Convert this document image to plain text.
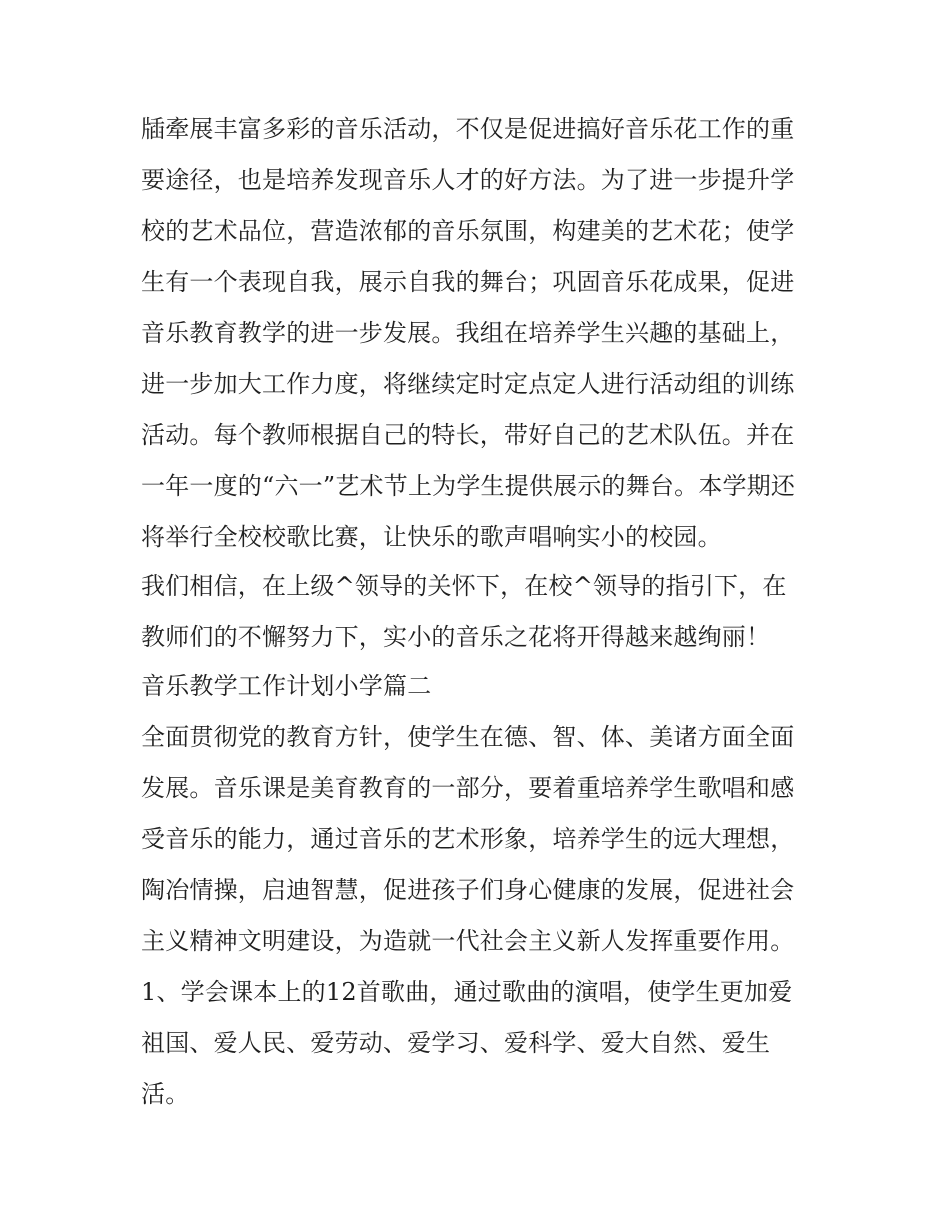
牐牽展丰富多彩的音乐活动，不仅是促进搞好音乐花工作的重
要途径，也是培养发现音乐人才的好方法。为了进一步提升学
校的艺术品位，营造浓郁的音乐氛围，构建美的艺术花；使学
生有一个表现自我，展示自我的舞台；巩固音乐花成果，促进
音乐教育教学的进一步发展。我组在培养学生兴趣的基础上，
进一步加大工作力度，将继续定时定点定人进行活动组的训练
活动。每个教师根据自己的特长，带好自己的艺术队伍。并在
一年一度的“六一”艺术节上为学生提供展示的舞台。本学期还
将举行全校校歌比赛，让快乐的歌声唱响实小的校园。
我们相信，在上级^领导的关怀下，在校^领导的指引下，在
教师们的不懈努力下，实小的音乐之花将开得越来越绚丽！
音乐教学工作计划小学篇二
全面贯彻党的教育方针，使学生在德、智、体、美诸方面全面
发展。音乐课是美育教育的一部分，要着重培养学生歌唱和感
受音乐的能力，通过音乐的艺术形象，培养学生的远大理想，
陶冶情操，启迪智慧，促进孩子们身心健康的发展，促进社会
主义精神文明建设，为造就一代社会主义新人发挥重要作用。
1、学会课本上的12首歌曲，通过歌曲的演唱，使学生更加爱
祖国、爱人民、爱劳动、爱学习、爱科学、爱大自然、爱生
活。
